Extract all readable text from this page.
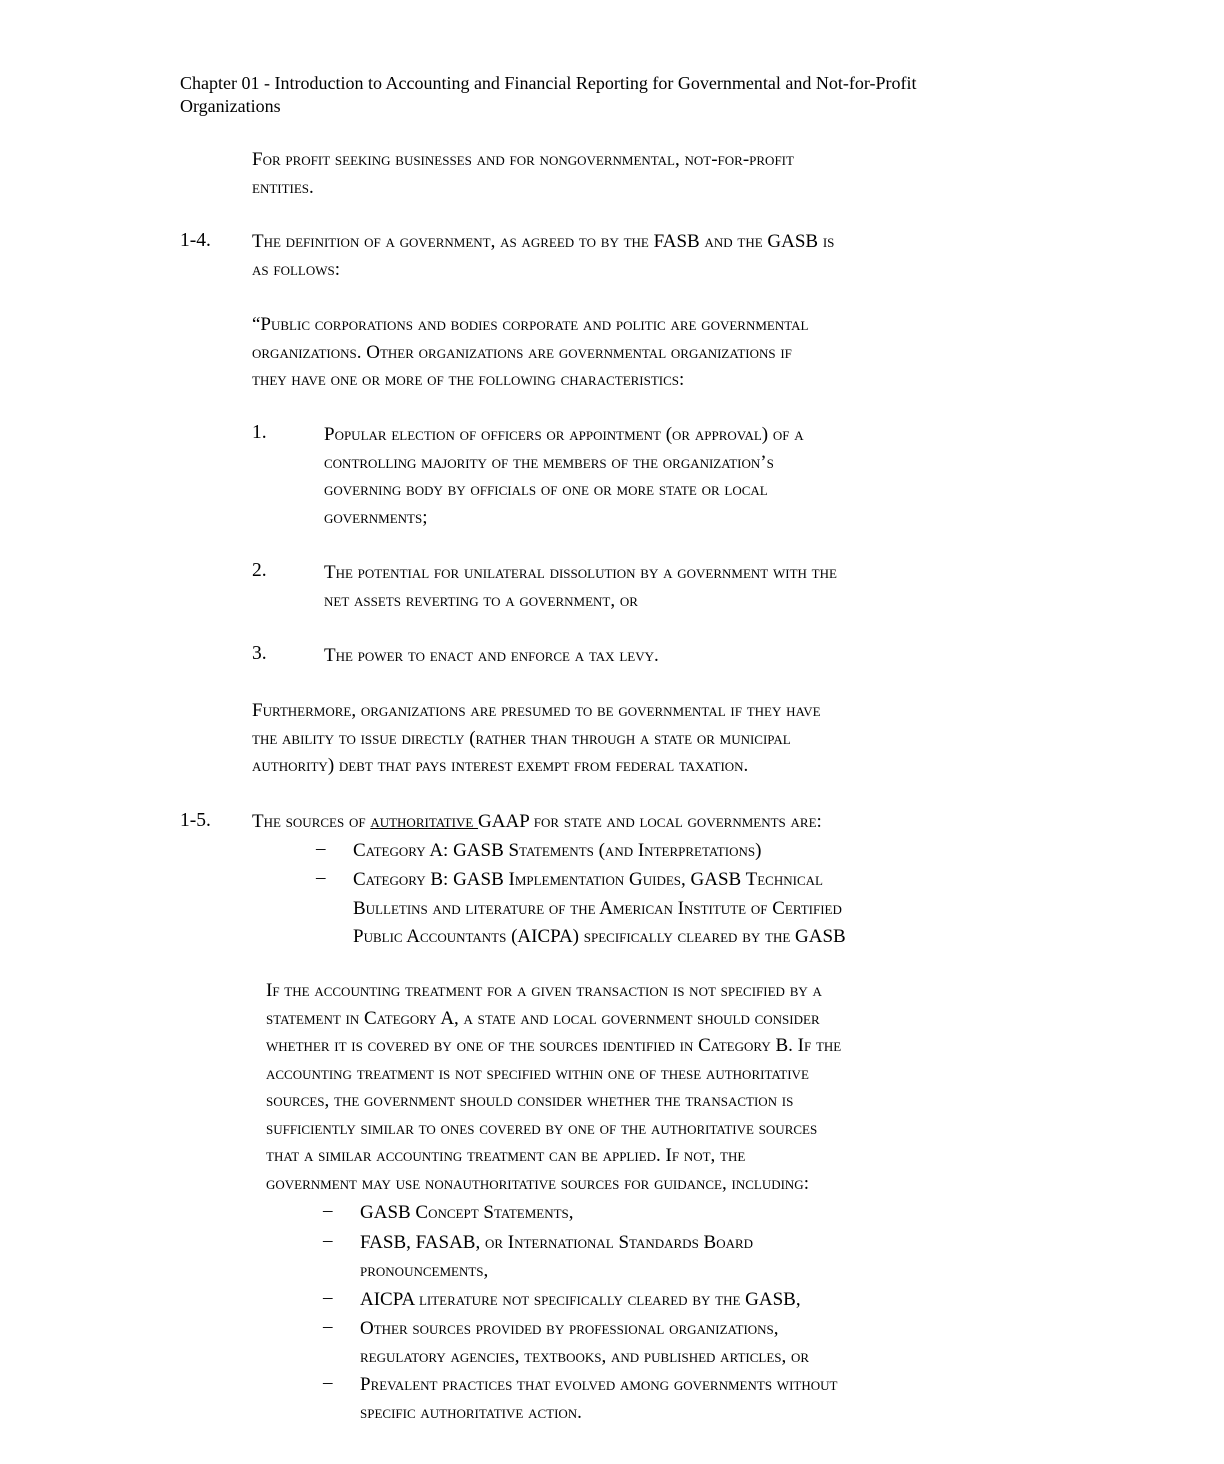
Chapter 01 - Introduction to Accounting and Financial Reporting for Governmental and Not-for-Profit
Organizations
For profit seeking businesses and for nongovernmental, not-for-profit
entities.
1-4. The definition of a government, as agreed to by the FASB and the GASB is
as follows:
“Public corporations and bodies corporate and politic are governmental
organizations. Other organizations are governmental organizations if
they have one or more of the following characteristics:
1.	Popular election of officers or appointment (or approval) of a
controlling majority of the members of the organization’s
governing body by officials of one or more state or local
governments;
2.	The potential for unilateral dissolution by a government with the
net assets reverting to a government, or
3.	The power to enact and enforce a tax levy.
Furthermore, organizations are presumed to be governmental if they have
the ability to issue directly (rather than through a state or municipal
authority) debt that pays interest exempt from federal taxation.
1-5. The sources of authoritative GAAP for state and local governments are:
– Category A: GASB Statements (and Interpretations)
– Category B: GASB Implementation Guides, GASB Technical
Bulletins and literature of the American Institute of Certified
Public Accountants (AICPA) specifically cleared by the GASB
If the accounting treatment for a given transaction is not specified by a
statement in Category A, a state and local government should consider
whether it is covered by one of the sources identified in Category B. If the
accounting treatment is not specified within one of these authoritative
sources, the government should consider whether the transaction is
sufficiently similar to ones covered by one of the authoritative sources
that a similar accounting treatment can be applied. If not, the
government may use nonauthoritative sources for guidance, including:
– GASB Concept Statements,
– FASB, FASAB, or International Standards Board
pronouncements,
– AICPA literature not specifically cleared by the GASB,
– Other sources provided by professional organizations,
regulatory agencies, textbooks, and published articles, or
– Prevalent practices that evolved among governments without
specific authoritative action.
